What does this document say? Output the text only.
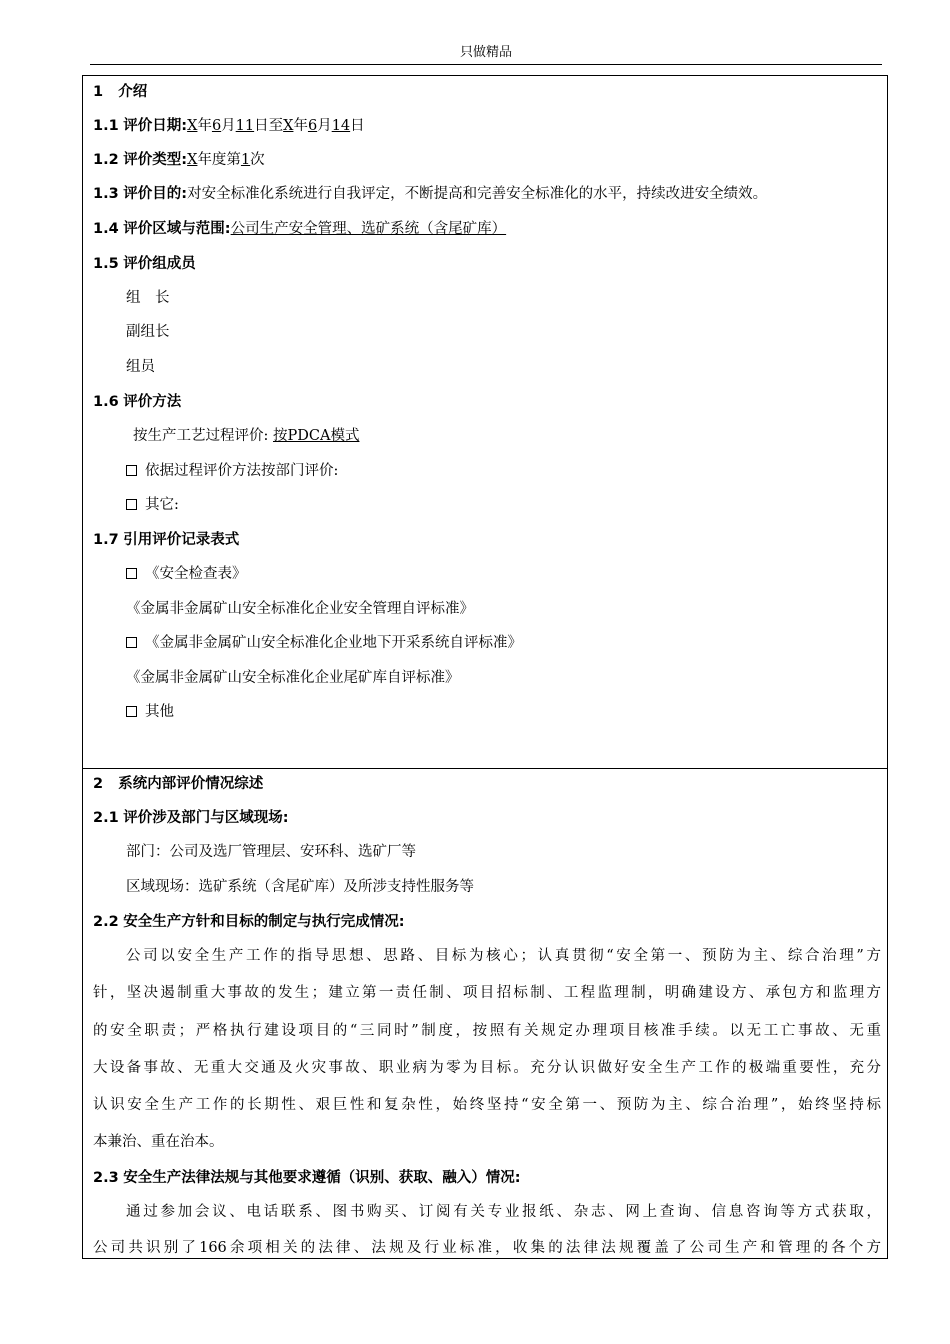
只做精品
1 介绍
1.1 评价日期:X年6月11日至X年6月14日
1.2 评价类型:X年度第1次
1.3 评价目的:对安全标准化系统进行自我评定，不断提高和完善安全标准化的水平，持续改进安全绩效。
1.4 评价区域与范围:公司生产安全管理、选矿系统（含尾矿库）
1.5 评价组成员
组　长
副组长
组员
1.6 评价方法
按生产工艺过程评价: 按PDCA模式
依据过程评价方法按部门评价:
其它:
1.7 引用评价记录表式
《安全检查表》
《金属非金属矿山安全标准化企业安全管理自评标准》
《金属非金属矿山安全标准化企业地下开采系统自评标准》
《金属非金属矿山安全标准化企业尾矿库自评标准》
其他
2 系统内部评价情况综述
2.1 评价涉及部门与区域现场:
部门：公司及选厂管理层、安环科、选矿厂等
区域现场：选矿系统（含尾矿库）及所涉支持性服务等
2.2 安全生产方针和目标的制定与执行完成情况:
公司以安全生产工作的指导思想、思路、目标为核心；认真贯彻“安全第一、预防为主、综合治理”方
针，坚决遏制重大事故的发生；建立第一责任制、项目招标制、工程监理制，明确建设方、承包方和监理方
的安全职责；严格执行建设项目的“三同时”制度，按照有关规定办理项目核准手续。以无工亡事故、无重
大设备事故、无重大交通及火灾事故、职业病为零为目标。充分认识做好安全生产工作的极端重要性，充分
认识安全生产工作的长期性、艰巨性和复杂性，始终坚持“安全第一、预防为主、综合治理”，始终坚持标
本兼治、重在治本。
2.3 安全生产法律法规与其他要求遵循（识别、获取、融入）情况:
通过参加会议、电话联系、图书购买、订阅有关专业报纸、杂志、网上查询、信息咨询等方式获取，
公司共识别了166余项相关的法律、法规及行业标准，收集的法律法规覆盖了公司生产和管理的各个方
